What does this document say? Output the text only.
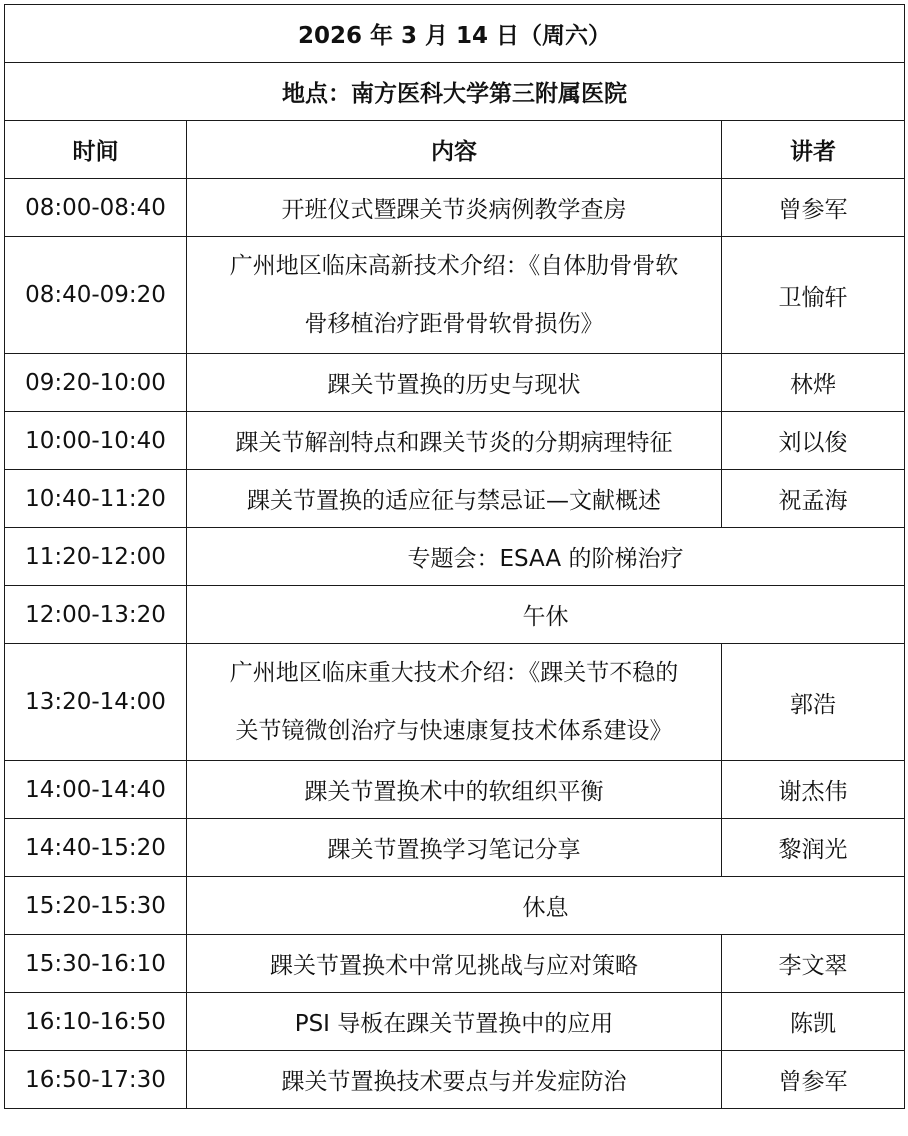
2026 年 3 月 14 日（周六）		
地点：南方医科大学第三附属医院		
时间	内容	讲者
08:00-08:40	开班仪式暨踝关节炎病例教学查房	曾参军
08:40-09:20	广州地区临床高新技术介绍：《自体肋骨骨软
骨移植治疗距骨骨软骨损伤》	卫愉轩
09:20-10:00	踝关节置换的历史与现状	林烨
10:00-10:40	踝关节解剖特点和踝关节炎的分期病理特征	刘以俊
10:40-11:20	踝关节置换的适应征与禁忌证—文献概述	祝孟海
11:20-12:00	专题会：ESAA 的阶梯治疗	
12:00-13:20	午休	
13:20-14:00	广州地区临床重大技术介绍：《踝关节不稳的
关节镜微创治疗与快速康复技术体系建设》	郭浩
14:00-14:40	踝关节置换术中的软组织平衡	谢杰伟
14:40-15:20	踝关节置换学习笔记分享	黎润光
15:20-15:30	休息	
15:30-16:10	踝关节置换术中常见挑战与应对策略	李文翠
16:10-16:50	PSI 导板在踝关节置换中的应用	陈凯
16:50-17:30	踝关节置换技术要点与并发症防治	曾参军
